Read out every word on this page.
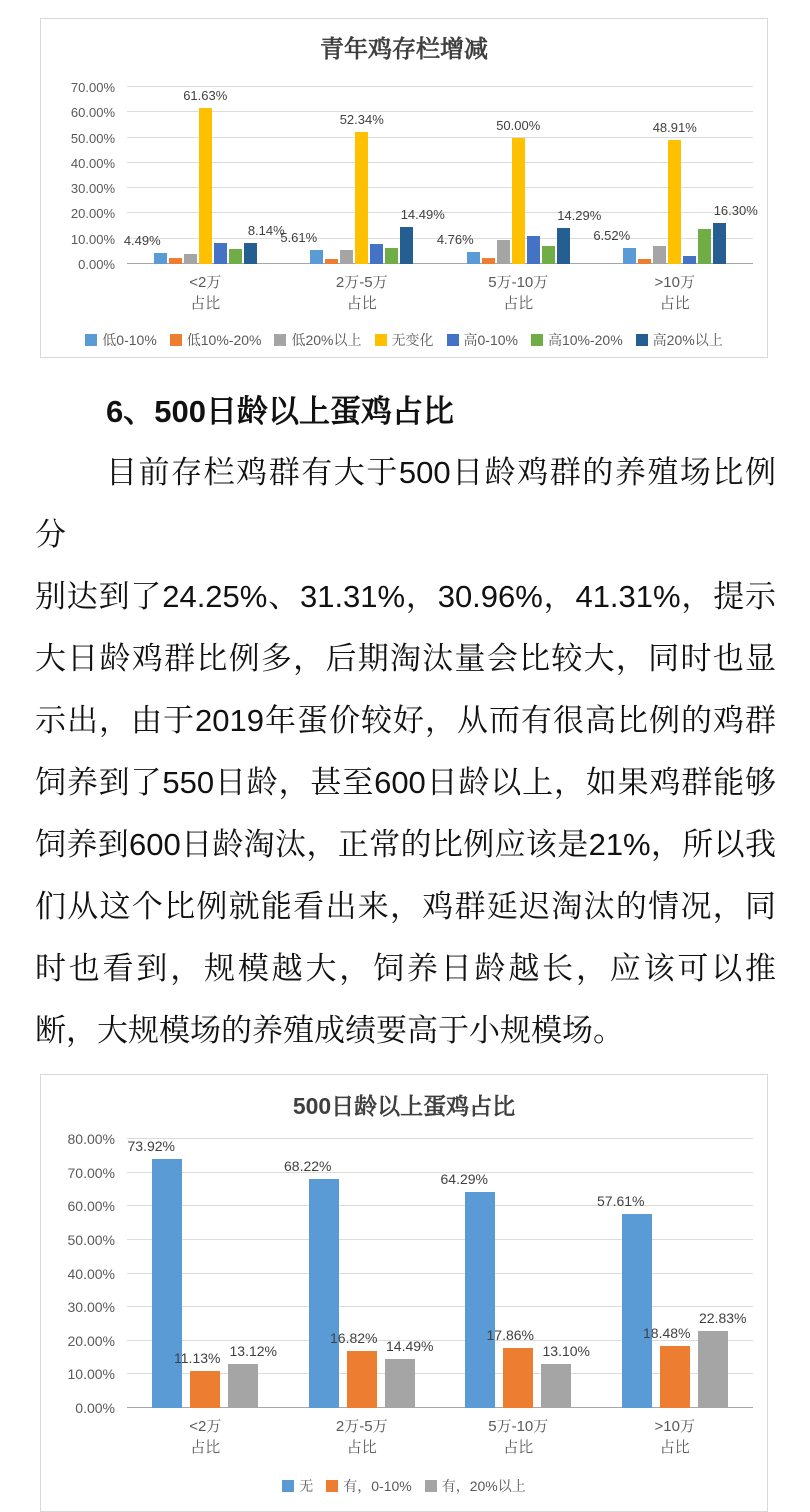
青年鸡存栏增减
0.00%
10.00%
20.00%
30.00%
40.00%
50.00%
60.00%
70.00%
4.49%
61.63%
8.14%
5.61%
52.34%
14.49%
4.76%
50.00%
14.29%
6.52%
48.91%
16.30%
<2万
占比
2万-5万
占比
5万-10万
占比
>10万
占比
低0-10% 低10%-20% 低20%以上 无变化 高0-10% 高10%-20% 高20%以上
6、500日龄以上蛋鸡占比
目前存栏鸡群有大于500日龄鸡群的养殖场比例分
别达到了24.25%、31.31%，30.96%，41.31%，提示
大日龄鸡群比例多，后期淘汰量会比较大，同时也显
示出，由于2019年蛋价较好，从而有很高比例的鸡群
饲养到了550日龄，甚至600日龄以上，如果鸡群能够
饲养到600日龄淘汰，正常的比例应该是21%，所以我
们从这个比例就能看出来，鸡群延迟淘汰的情况，同
时也看到，规模越大，饲养日龄越长，应该可以推
断，大规模场的养殖成绩要高于小规模场。
500日龄以上蛋鸡占比
0.00%
10.00%
20.00%
30.00%
40.00%
50.00%
60.00%
70.00%
80.00% 73.92%
11.13% 13.12%
68.22%
16.82% 14.49%
64.29%
17.86%
13.10%
57.61%
18.48%
22.83%
<2万
占比
2万-5万
占比
5万-10万
占比
>10万
占比
无 有，0-10% 有，20%以上
